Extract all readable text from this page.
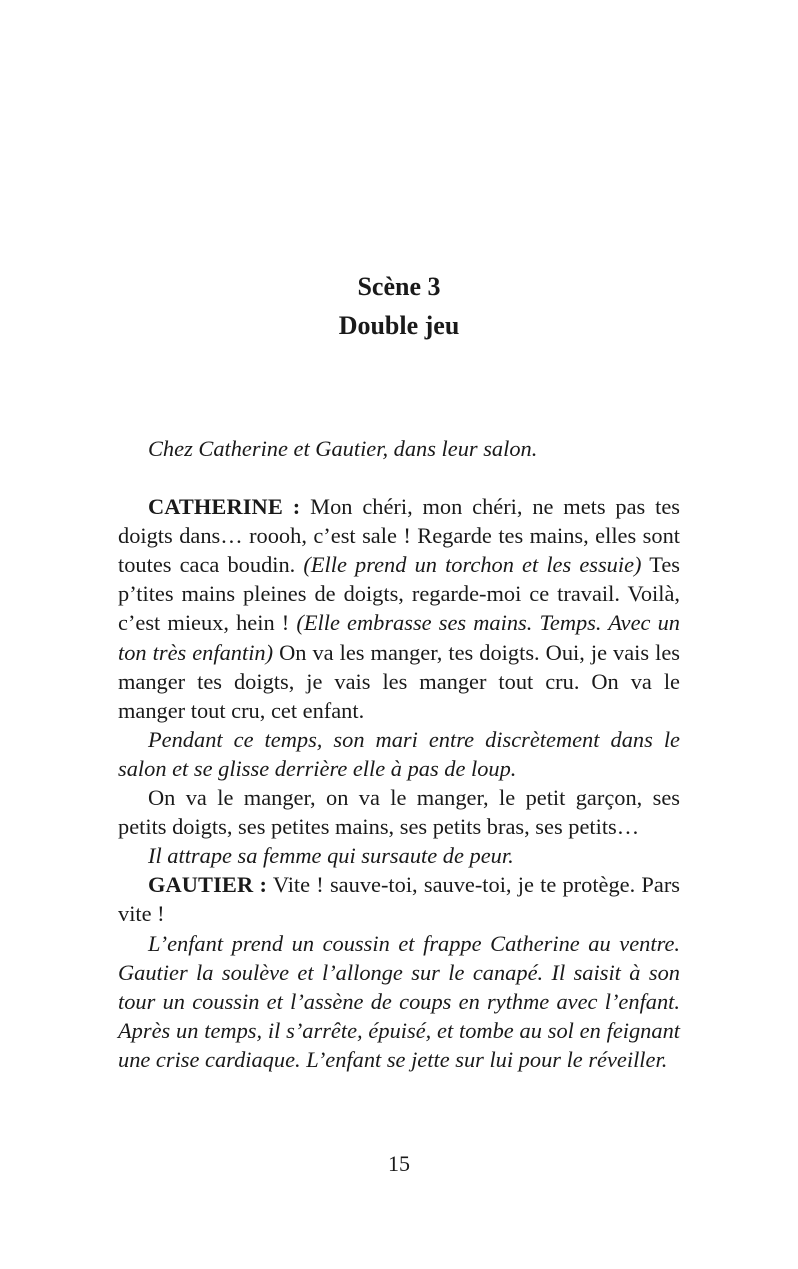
Scène 3
Double jeu

Chez Catherine et Gautier, dans leur salon.

CATHERINE : Mon chéri, mon chéri, ne mets pas tes doigts dans… roooh, c’est sale ! Regarde tes mains, elles sont toutes caca boudin. (Elle prend un torchon et les essuie) Tes p’tites mains pleines de doigts, regarde-moi ce travail. Voilà, c’est mieux, hein ! (Elle embrasse ses mains. Temps. Avec un ton très enfantin) On va les manger, tes doigts. Oui, je vais les manger tes doigts, je vais les manger tout cru. On va le manger tout cru, cet enfant.

Pendant ce temps, son mari entre discrètement dans le salon et se glisse derrière elle à pas de loup.

On va le manger, on va le manger, le petit garçon, ses petits doigts, ses petites mains, ses petits bras, ses petits…

Il attrape sa femme qui sursaute de peur.

GAUTIER : Vite ! sauve-toi, sauve-toi, je te protège. Pars vite !

L’enfant prend un coussin et frappe Catherine au ventre. Gautier la soulève et l’allonge sur le canapé. Il saisit à son tour un coussin et l’assène de coups en rythme avec l’enfant. Après un temps, il s’arrête, épuisé, et tombe au sol en feignant une crise cardiaque. L’enfant se jette sur lui pour le réveiller.

15
